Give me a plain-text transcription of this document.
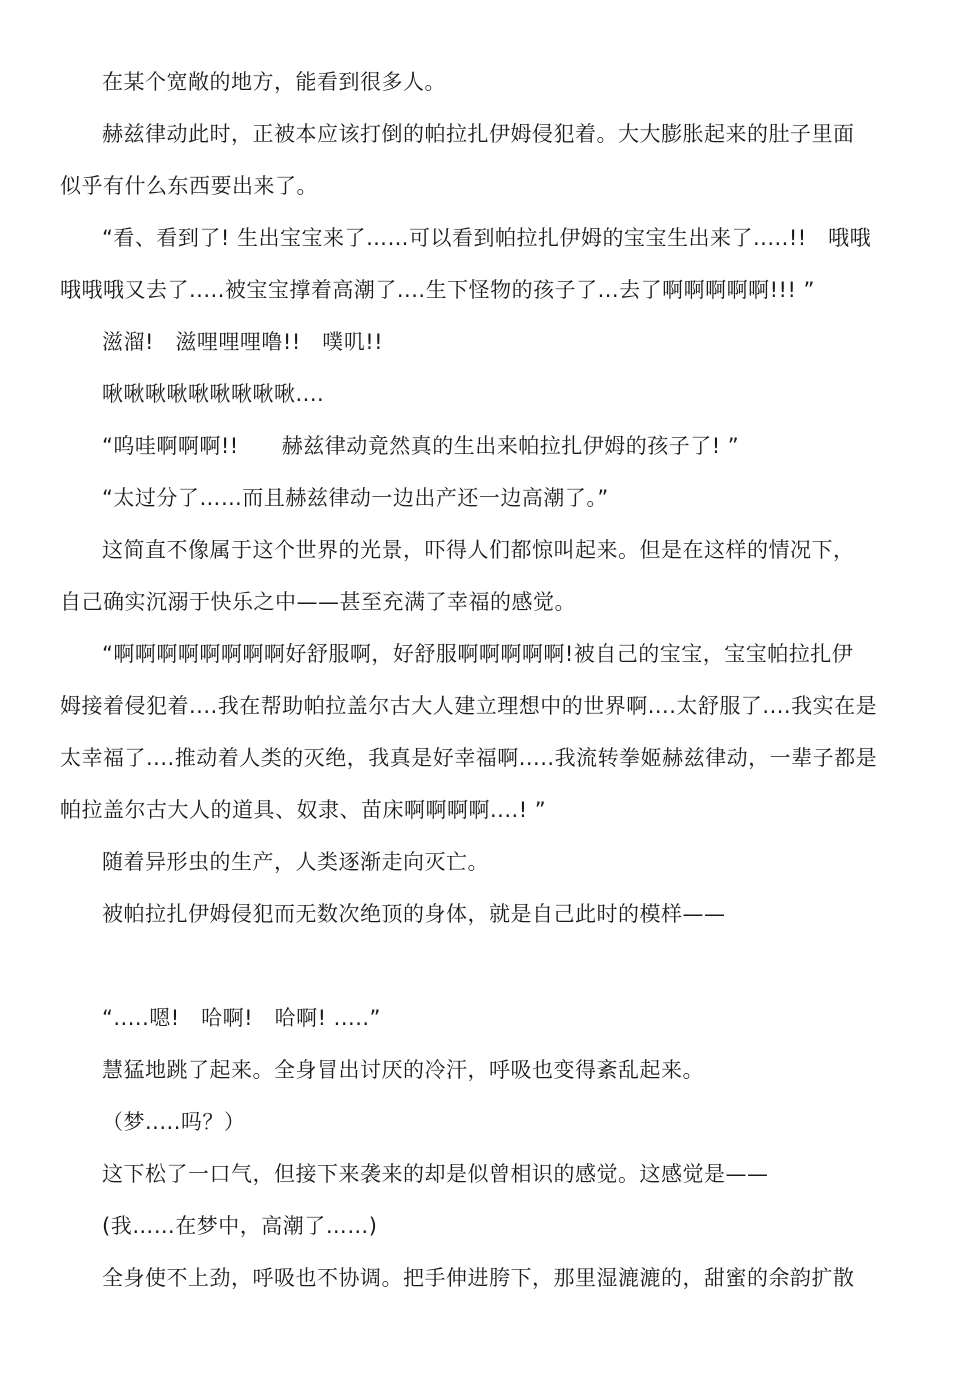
在某个宽敞的地方，能看到很多人。
赫兹律动此时，正被本应该打倒的帕拉扎伊姆侵犯着。大大膨胀起来的肚子里面
似乎有什么东西要出来了。
“看、看到了! 生出宝宝来了……可以看到帕拉扎伊姆的宝宝生出来了.....!!　哦哦
哦哦哦又去了.....被宝宝撑着高潮了....生下怪物的孩子了...去了啊啊啊啊啊!!! ”
滋溜!　滋哩哩哩噜!!　噗叽!!
啾啾啾啾啾啾啾啾啾....
“呜哇啊啊啊!!　　赫兹律动竟然真的生出来帕拉扎伊姆的孩子了! ”
“太过分了……而且赫兹律动一边出产还一边高潮了。”
这简直不像属于这个世界的光景，吓得人们都惊叫起来。但是在这样的情况下，
自己确实沉溺于快乐之中——甚至充满了幸福的感觉。
“啊啊啊啊啊啊啊啊好舒服啊，好舒服啊啊啊啊啊!被自己的宝宝，宝宝帕拉扎伊
姆接着侵犯着....我在帮助帕拉盖尔古大人建立理想中的世界啊....太舒服了....我实在是
太幸福了....推动着人类的灭绝，我真是好幸福啊.....我流转拳姬赫兹律动，一辈子都是
帕拉盖尔古大人的道具、奴隶、苗床啊啊啊啊....! ”
随着异形虫的生产，人类逐渐走向灭亡。
被帕拉扎伊姆侵犯而无数次绝顶的身体，就是自己此时的模样——
“.....嗯!　哈啊!　哈啊! .....”
慧猛地跳了起来。全身冒出讨厌的冷汗，呼吸也变得紊乱起来。
（梦.....吗？）
这下松了一口气，但接下来袭来的却是似曾相识的感觉。这感觉是——
(我……在梦中，高潮了……)
全身使不上劲，呼吸也不协调。把手伸进胯下，那里湿漉漉的，甜蜜的余韵扩散
